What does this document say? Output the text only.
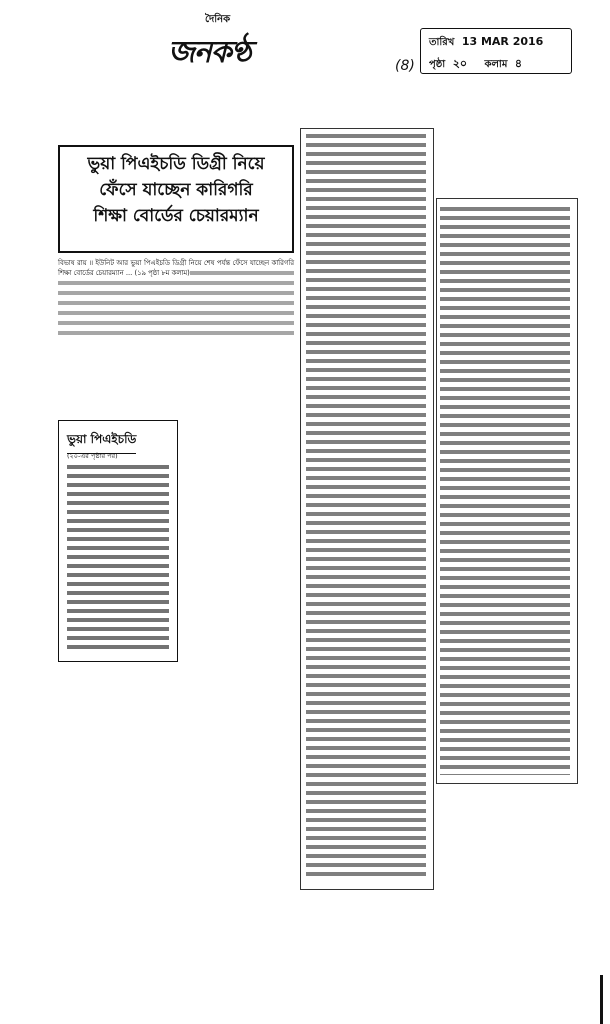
দৈনিক
জনকণ্ঠ	তারিখ 13 MAR 2016
পৃষ্ঠা ২০ কলাম ৪
(8)
ভুয়া পিএইচডি ডিগ্রী নিয়ে
ফেঁসে যাচ্ছেন কারিগরি
শিক্ষা বোর্ডের চেয়ারম্যান
বিভাষ রায় ॥ ইউনিট আর ভুয়া পিএইচডি ডিগ্রী নিয়ে শেষ পর্যন্ত ফেঁসে যাচ্ছেন কারিগরি শিক্ষা বোর্ডের চেয়ারম্যান ... (১৯ পৃষ্ঠা ৮ম কলাম)
ভুয়া পিএইচডি
(২০-এর পৃষ্ঠার পর)
